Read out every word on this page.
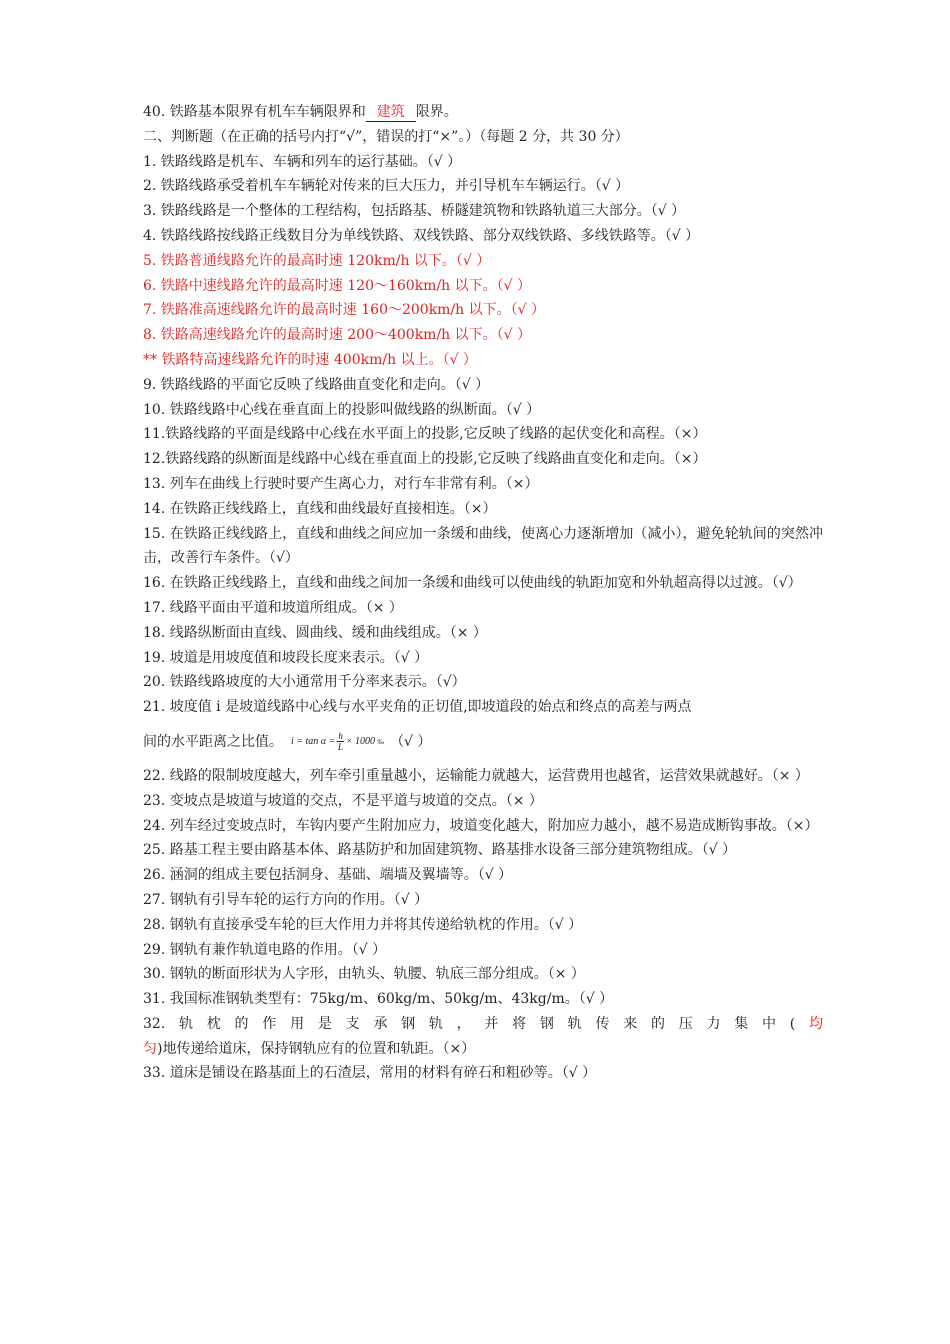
40. 铁路基本限界有机车车辆限界和 建筑 限界。
二、判断题（在正确的括号内打“√”，错误的打“×”。）（每题 2 分，共 30 分）
1. 铁路线路是机车、车辆和列车的运行基础。（√ ）
2. 铁路线路承受着机车车辆轮对传来的巨大压力，并引导机车车辆运行。（√ ）
3. 铁路线路是一个整体的工程结构，包括路基、桥隧建筑物和铁路轨道三大部分。（√ ）
4. 铁路线路按线路正线数目分为单线铁路、双线铁路、部分双线铁路、多线铁路等。（√ ）
5. 铁路普通线路允许的最高时速 120km/h 以下。（√ ）
6. 铁路中速线路允许的最高时速 120～160km/h 以下。（√ ）
7. 铁路准高速线路允许的最高时速 160～200km/h 以下。（√ ）
8. 铁路高速线路允许的最高时速 200～400km/h 以下。（√ ）
** 铁路特高速线路允许的时速 400km/h 以上。（√ ）
9. 铁路线路的平面它反映了线路曲直变化和走向。（√ ）
10. 铁路线路中心线在垂直面上的投影叫做线路的纵断面。（√ ）
11.铁路线路的平面是线路中心线在水平面上的投影,它反映了线路的起伏变化和高程。（×）
12.铁路线路的纵断面是线路中心线在垂直面上的投影,它反映了线路曲直变化和走向。（×）
13. 列车在曲线上行驶时要产生离心力，对行车非常有利。（×）
14. 在铁路正线线路上，直线和曲线最好直接相连。（×）
15. 在铁路正线线路上，直线和曲线之间应加一条缓和曲线，使离心力逐渐增加（减小），避免轮轨间的突然冲击，改善行车条件。（√）
16. 在铁路正线线路上，直线和曲线之间加一条缓和曲线可以使曲线的轨距加宽和外轨超高得以过渡。（√）
17. 线路平面由平道和坡道所组成。（× ）
18. 线路纵断面由直线、圆曲线、缓和曲线组成。（× ）
19. 坡道是用坡度值和坡段长度来表示。（√ ）
20. 铁路线路坡度的大小通常用千分率来表示。（√）
21. 坡度值 i 是坡道线路中心线与水平夹角的正切值,即坡道段的始点和终点的高差与两点
间的水平距离之比值。 $i = \tan \alpha = \frac{h}{L} \times 1000$ ‰ （√ ）
22. 线路的限制坡度越大，列车牵引重量越小，运输能力就越大，运营费用也越省，运营效果就越好。（× ）
23. 变坡点是坡道与坡道的交点，不是平道与坡道的交点。（× ）
24. 列车经过变坡点时，车钩内要产生附加应力，坡道变化越大，附加应力越小，越不易造成断钩事故。（×）
25. 路基工程主要由路基本体、路基防护和加固建筑物、路基排水设备三部分建筑物组成。（√ ）
26. 涵洞的组成主要包括洞身、基础、端墙及翼墙等。（√ ）
27. 钢轨有引导车轮的运行方向的作用。（√ ）
28. 钢轨有直接承受车轮的巨大作用力并将其传递给轨枕的作用。（√ ）
29. 钢轨有兼作轨道电路的作用。（√ ）
30. 钢轨的断面形状为人字形，由轨头、轨腰、轨底三部分组成。（× ）
31. 我国标准钢轨类型有：75kg/m、60kg/m、50kg/m、43kg/m。（√ ）
32.轨枕的作用是支承钢轨，并将钢轨传来的压力集中(均匀)地传递给道床，保持钢轨应有的位置和轨距。（×）
33. 道床是铺设在路基面上的石渣层，常用的材料有碎石和粗砂等。（√ ）
